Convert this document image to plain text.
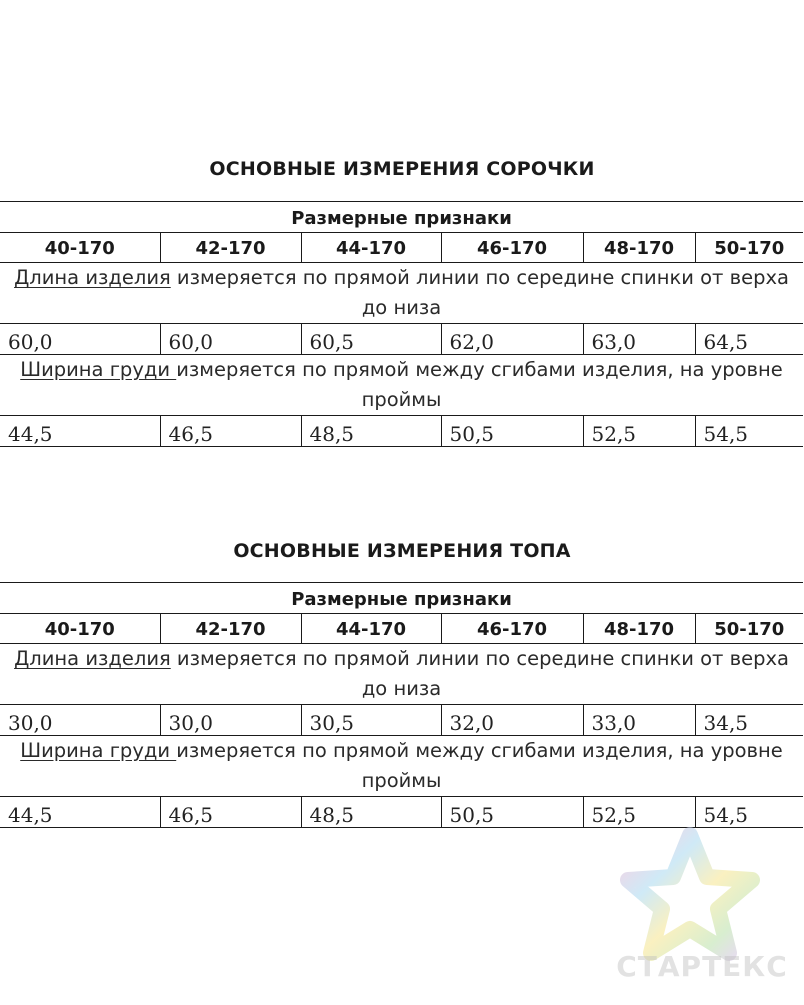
ОСНОВНЫЕ ИЗМЕРЕНИЯ СОРОЧКИ
Размерные признаки					
40-170	42-170	44-170	46-170	48-170	50-170
Длина изделия измеряется по прямой линии по середине спинки от верха до низа					
60,0	60,0	60,5	62,0	63,0	64,5
Ширина груди измеряется по прямой между сгибами изделия, на уровне проймы					
44,5	46,5	48,5	50,5	52,5	54,5
ОСНОВНЫЕ ИЗМЕРЕНИЯ ТОПА
Размерные признаки					
40-170	42-170	44-170	46-170	48-170	50-170
Длина изделия измеряется по прямой линии по середине спинки от верха до низа					
30,0	30,0	30,5	32,0	33,0	34,5
Ширина груди измеряется по прямой между сгибами изделия, на уровне проймы					
44,5	46,5	48,5	50,5	52,5	54,5
СТАРТЕКС
